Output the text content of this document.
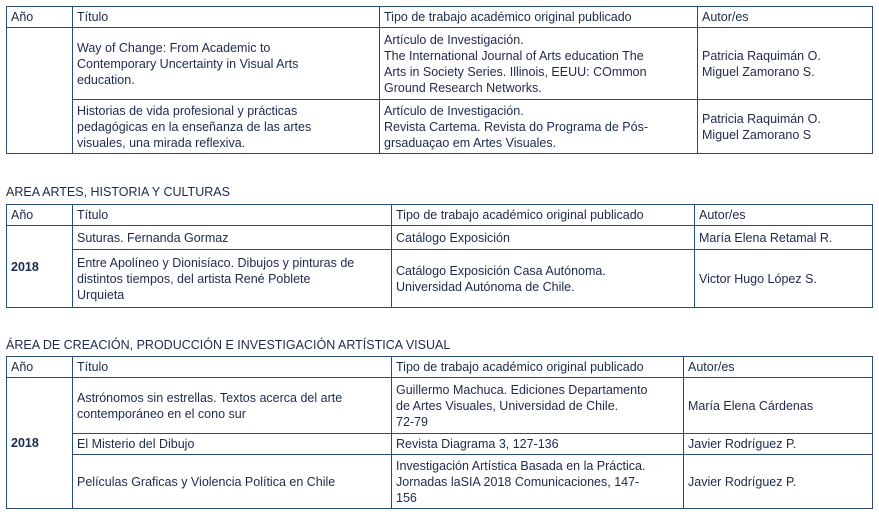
Año	Título	Tipo de trabajo académico original publicado	Autor/es

	Way of Change: From Academic to
Contemporary Uncertainty in Visual Arts
education.	Artículo de Investigación.
The International Journal of Arts education The
Arts in Society Series. Illinois, EEUU: COmmon
Ground Research Networks.	Patricia Raquimán O.
Miguel Zamorano S.

	Historias de vida profesional y prácticas
pedagógicas en la enseñanza de las artes
visuales, una mirada reflexiva.	Artículo de Investigación.
Revista Cartema. Revista do Programa de Pós-
grsaduaçao em Artes Visuales.	Patricia Raquimán O.
Miguel Zamorano S
AREA ARTES, HISTORIA Y CULTURAS
Año	Título	Tipo de trabajo académico original publicado	Autor/es
2018	Suturas. Fernanda Gormaz	Catálogo Exposición	María Elena Retamal R.

	Entre Apolíneo y Dionisíaco. Dibujos y pinturas de
distintos tiempos, del artista René Poblete
Urquieta	Catálogo Exposición Casa Autónoma.
Universidad Autónoma de Chile.	Victor Hugo López S.
ÁREA DE CREACIÓN, PRODUCCIÓN E INVESTIGACIÓN ARTÍSTICA VISUAL
Año	Título	Tipo de trabajo académico original publicado	Autor/es
2018	Astrónomos sin estrellas. Textos acerca del arte
contemporáneo en el cono sur	Guillermo Machuca. Ediciones Departamento
de Artes Visuales, Universidad de Chile.
72-79	María Elena Cárdenas

	El Misterio del Dibujo	Revista Diagrama 3, 127-136	Javier Rodríguez P.

	Películas Graficas y Violencia Política en Chile	Investigación Artística Basada en la Práctica.
Jornadas laSIA 2018 Comunicaciones, 147-
156	Javier Rodríguez P.
